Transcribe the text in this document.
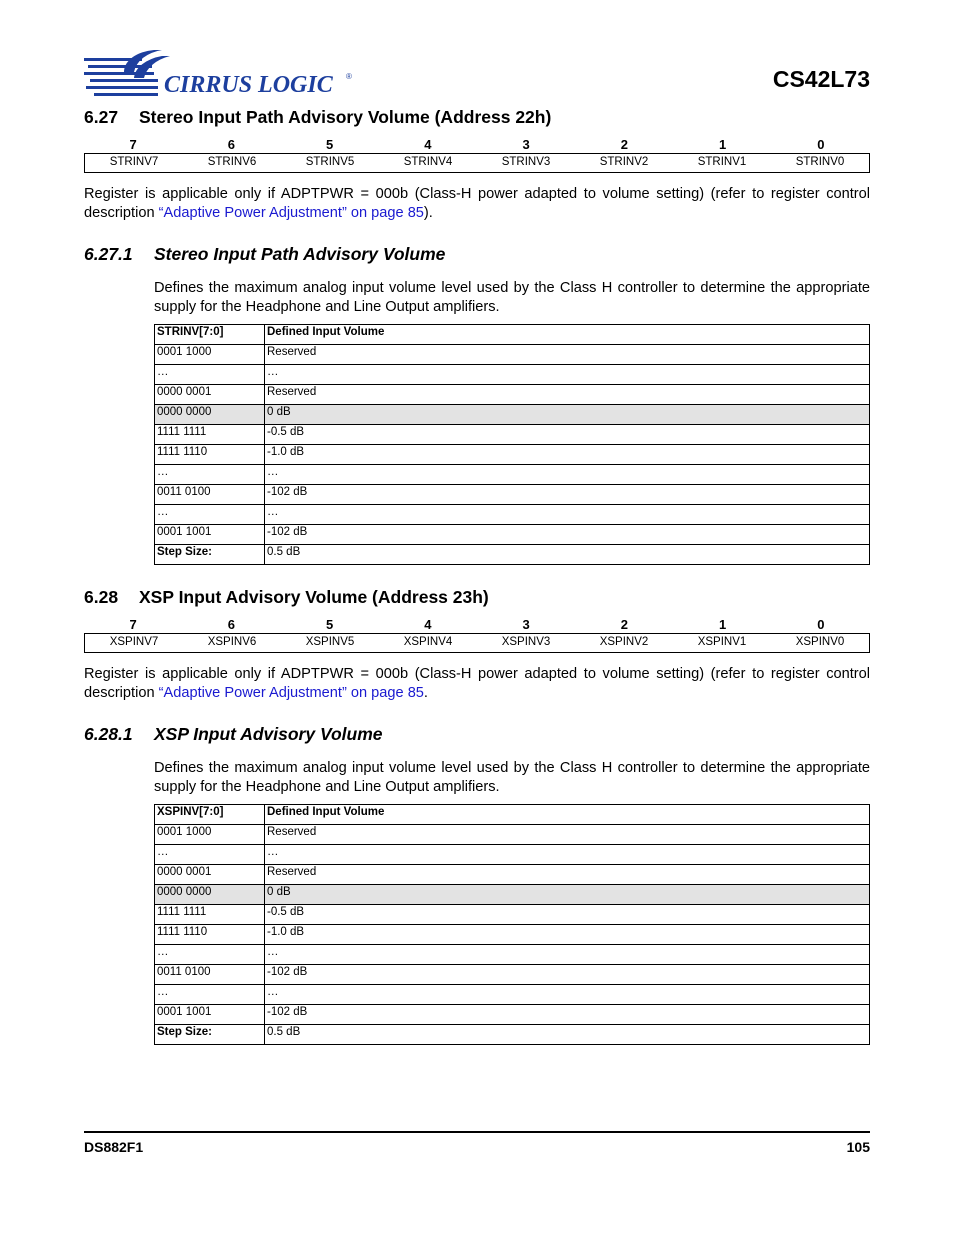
CIRRUS LOGIC ®	CS42L73
6.27 Stereo Input Path Advisory Volume (Address 22h)
7	6	5	4	3	2	1	0
STRINV7	STRINV6	STRINV5	STRINV4	STRINV3	STRINV2	STRINV1	STRINV0
Register is applicable only if ADPTPWR = 000b (Class-H power adapted to volume setting) (refer to register control description “Adaptive Power Adjustment” on page 85).
6.27.1 Stereo Input Path Advisory Volume
Defines the maximum analog input volume level used by the Class H controller to determine the appropriate supply for the Headphone and Line Output amplifiers.
STRINV[7:0]	Defined Input Volume
0001 1000	Reserved
…	…
0000 0001	Reserved
0000 0000	0 dB
1111 1111	-0.5 dB
1111 1110	-1.0 dB
…	…
0011 0100	-102 dB
…	…
0001 1001	-102 dB
Step Size:	0.5 dB
6.28 XSP Input Advisory Volume (Address 23h)
7	6	5	4	3	2	1	0
XSPINV7	XSPINV6	XSPINV5	XSPINV4	XSPINV3	XSPINV2	XSPINV1	XSPINV0
Register is applicable only if ADPTPWR = 000b (Class-H power adapted to volume setting) (refer to register control description “Adaptive Power Adjustment” on page 85.
6.28.1 XSP Input Advisory Volume
Defines the maximum analog input volume level used by the Class H controller to determine the appropriate supply for the Headphone and Line Output amplifiers.
XSPINV[7:0]	Defined Input Volume
0001 1000	Reserved
…	…
0000 0001	Reserved
0000 0000	0 dB
1111 1111	-0.5 dB
1111 1110	-1.0 dB
…	…
0011 0100	-102 dB
…	…
0001 1001	-102 dB
Step Size:	0.5 dB
DS882F1	105
